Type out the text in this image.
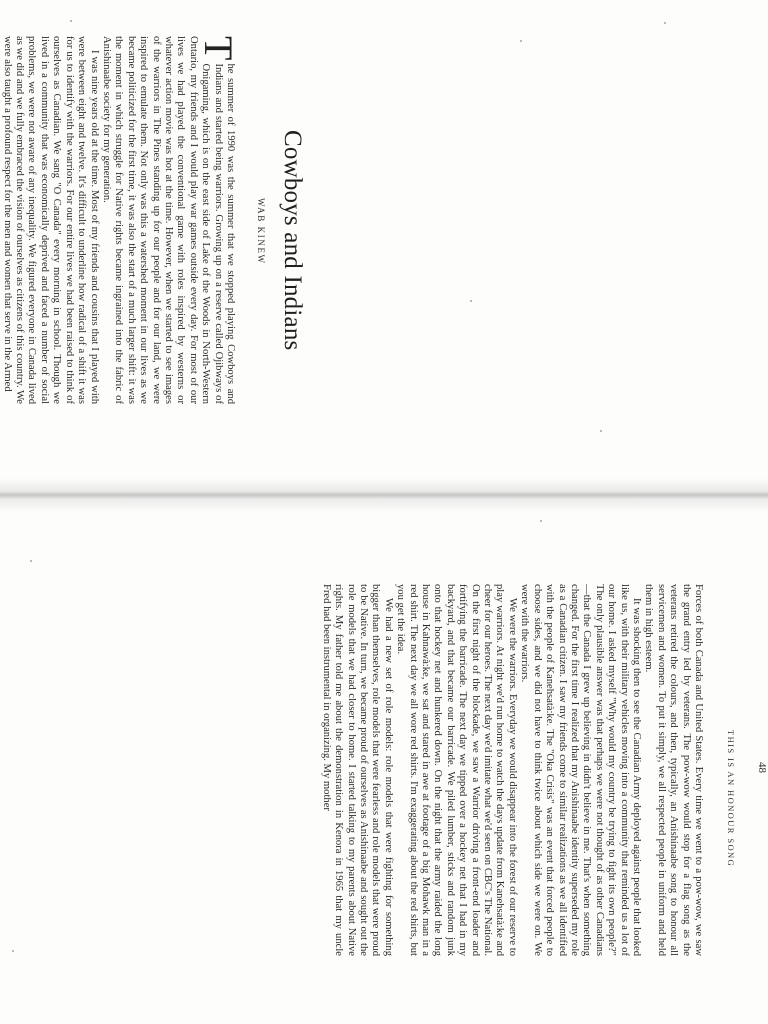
Cowboys and Indians
WAB KINEW

T
he summer of 1990 was the summer that we stopped playing Cowboys and Indians and started being warriors. Growing up on a reserve called Ojibways of Onigaming, which is on the east side of Lake of the Woods in North-Western Ontario, my friends and I would play war games outside every day. For most of our lives we had played the conventional game with roles inspired by westerns or whatever action movie was hot at the time. However, when we started to see images of the warriors in The Pines standing up for our people and for our land, we were inspired to emulate them. Not only was this a watershed moment in our lives as we became politicized for the first time, it was also the start of a much larger shift: it was the moment in which struggle for Native rights became ingrained into the fabric of Anishinaabe society for my generation.

I was nine years old at the time. Most of my friends and cousins that I played with were between eight and twelve. It's difficult to underline how radical of a shift it was for us to identify with the warriors. For our entire lives we had been raised to think of ourselves as Canadian. We sang "O Canada" every morning in school. Though we lived in a community that was economically deprived and faced a number of social problems, we were not aware of any inequality. We figured everyone in Canada lived as we did and we fully embraced the vision of ourselves as citizens of this country. We were also taught a profound respect for the men and women that serve in the Armed

THIS IS AN HONOUR SONG

Forces of both Canada and United States. Every time we went to a pow-wow, we saw the grand entry led by veterans. The pow-wow would stop for a flag song as the veterans retired the colours, and then, typically, an Anishinaabe song to honour all servicemen and women. To put it simply, we all respected people in uniform and held them in high esteem.

It was shocking then to see the Canadian Army deployed against people that looked like us, with their military vehicles moving into a community that reminded us a lot of our home. I asked myself "Why would my country be trying to fight its own people?" The only plausible answer was that perhaps we were not thought of as other Canadians—that the Canada I grew up believing in didn't believe in me. That's when something changed. For the first time I realized that my Anishinaabe identity superseded my role as a Canadian citizen. I saw my friends come to similar realizations as we all identified with the people of Kanehsatà:ke. The "Oka Crisis" was an event that forced people to choose sides, and we did not have to think twice about which side we were on. We were with the warriors.

We were the warriors. Everyday we would disappear into the forest of our reserve to play warriors. At night we'd run home to watch the days update from Kanehsatà:ke and cheer for our heroes. The next day we'd imitate what we'd seen on CBC's The National. On the first night of the blockade, we saw a Warrior driving a front-end loader and fortifying the barricade. The next day we tipped over a hockey net that I had in my backyard, and that became our barricade. We piled lumber, sticks and random junk onto that hockey net and hunkered down. On the night that the army raided the long house in Kahnawà:ke, we sat and stared in awe at footage of a big Mohawk man in a red shirt. The next day we all wore red shirts. I'm exaggerating about the red shirts, but you get the idea.

We had a new set of role models: role models that were fighting for something bigger than themselves, role models that were fearless and role models that were proud to be Native. In turn, we became proud of ourselves as Anishinaabe and sought out the role models that we had closer to home. I started talking to my parents about Native rights. My father told me about the demonstration in Kenora in 1965 that my uncle Fred had been instrumental in organizing. My mother	48
